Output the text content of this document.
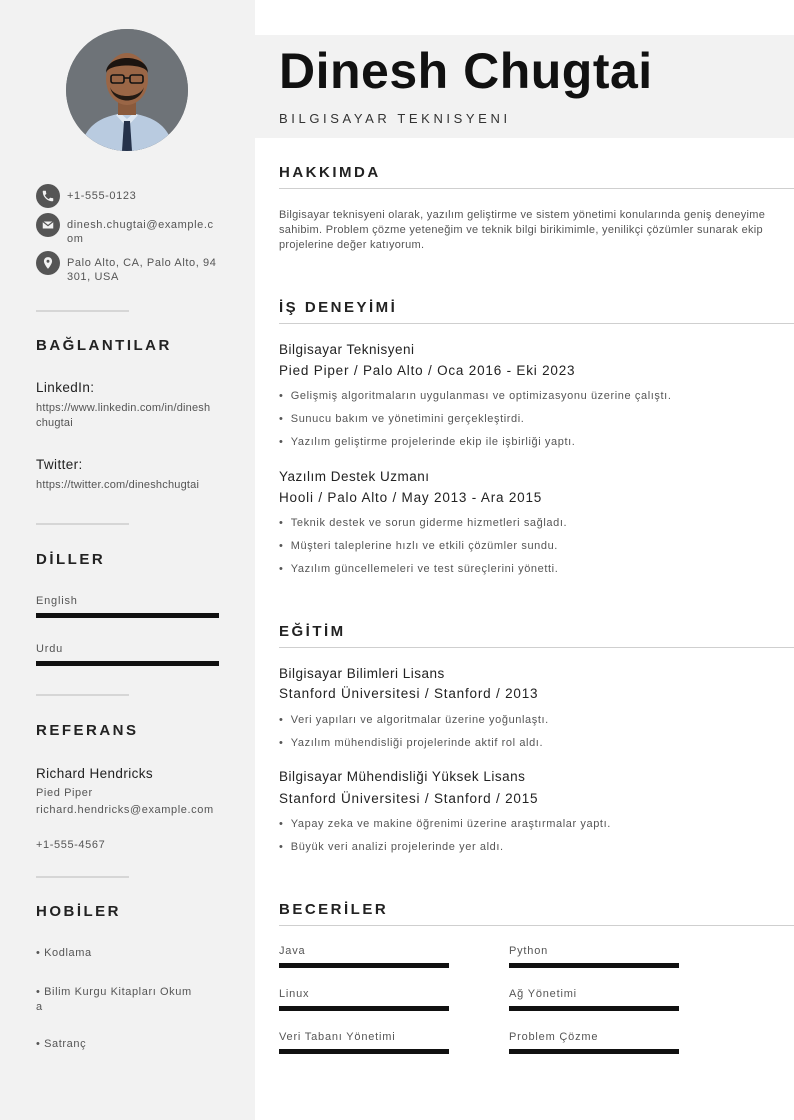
+1-555-0123
dinesh.chugtai@example.com
Palo Alto, CA, Palo Alto, 94301, USA
BAĞLANTILAR
LinkedIn:
https://www.linkedin.com/in/dineshchugtai
Twitter:
https://twitter.com/dineshchugtai
DİLLER
English
Urdu
REFERANS
Richard Hendricks
Pied Piper
richard.hendricks@example.com
+1-555-4567
HOBİLER
• Kodlama
• Bilim Kurgu Kitapları Okuma
• Satranç
Dinesh Chugtai
BILGISAYAR TEKNISYENI
HAKKIMDA
Bilgisayar teknisyeni olarak, yazılım geliştirme ve sistem yönetimi konularında geniş deneyime sahibim. Problem çözme yeteneğim ve teknik bilgi birikimimle, yenilikçi çözümler sunarak ekip projelerine değer katıyorum.
İŞ DENEYİMİ
Bilgisayar Teknisyeni
Pied Piper / Palo Alto / Oca 2016 - Eki 2023
•  Gelişmiş algoritmaların uygulanması ve optimizasyonu üzerine çalıştı.
•  Sunucu bakım ve yönetimini gerçekleştirdi.
•  Yazılım geliştirme projelerinde ekip ile işbirliği yaptı.
Yazılım Destek Uzmanı
Hooli / Palo Alto / May 2013 - Ara 2015
•  Teknik destek ve sorun giderme hizmetleri sağladı.
•  Müşteri taleplerine hızlı ve etkili çözümler sundu.
•  Yazılım güncellemeleri ve test süreçlerini yönetti.
EĞİTİM
Bilgisayar Bilimleri Lisans
Stanford Üniversitesi / Stanford / 2013
•  Veri yapıları ve algoritmalar üzerine yoğunlaştı.
•  Yazılım mühendisliği projelerinde aktif rol aldı.
Bilgisayar Mühendisliği Yüksek Lisans
Stanford Üniversitesi / Stanford / 2015
•  Yapay zeka ve makine öğrenimi üzerine araştırmalar yaptı.
•  Büyük veri analizi projelerinde yer aldı.
BECERİLER
Java	Python
Linux	Ağ Yönetimi
Veri Tabanı Yönetimi	Problem Çözme
